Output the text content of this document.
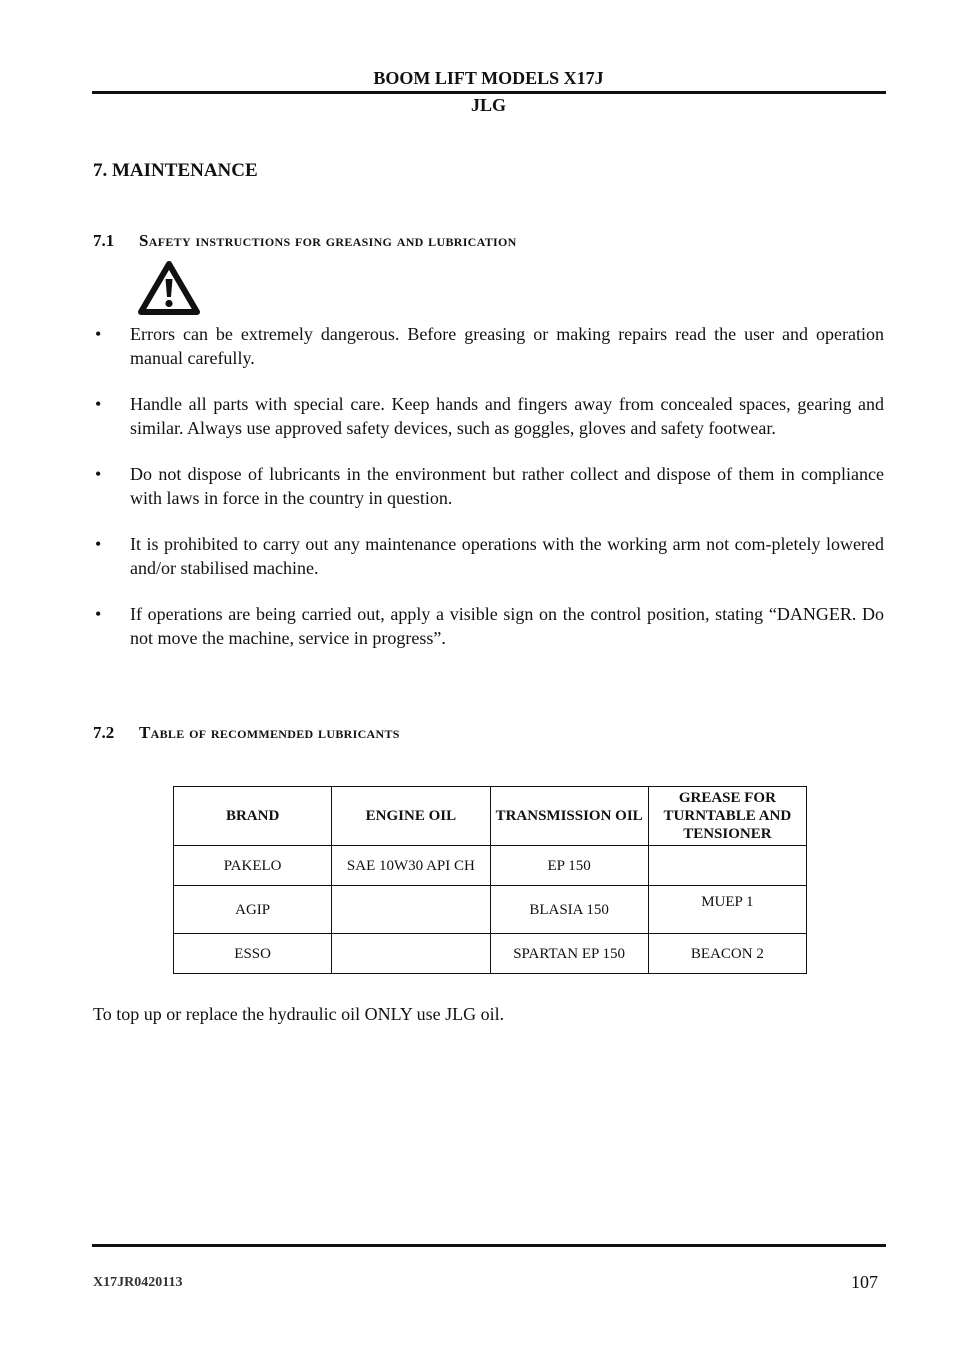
BOOM LIFT MODELS X17J
JLG
7. MAINTENANCE
7.1 Safety instructions for greasing and lubrication
• Errors can be extremely dangerous. Before greasing or making repairs read the user and operation manual carefully.
• Handle all parts with special care. Keep hands and fingers away from concealed spaces, gearing and similar. Always use approved safety devices, such as goggles, gloves and safety footwear.
• Do not dispose of lubricants in the environment but rather collect and dispose of them in compliance with laws in force in the country in question.
• It is prohibited to carry out any maintenance operations with the working arm not com-pletely lowered and/or stabilised machine.
• If operations are being carried out, apply a visible sign on the control position, stating “DANGER. Do not move the machine, service in progress”.
7.2 Table of recommended lubricants
BRAND	ENGINE OIL	TRANSMISSION OIL	GREASE FOR TURNTABLE AND TENSIONER
PAKELO	SAE 10W30 API CH	EP 150	
AGIP		BLASIA 150	MUEP 1
ESSO		SPARTAN EP 150	BEACON 2
To top up or replace the hydraulic oil ONLY use JLG oil.
X17JR0420113	107
